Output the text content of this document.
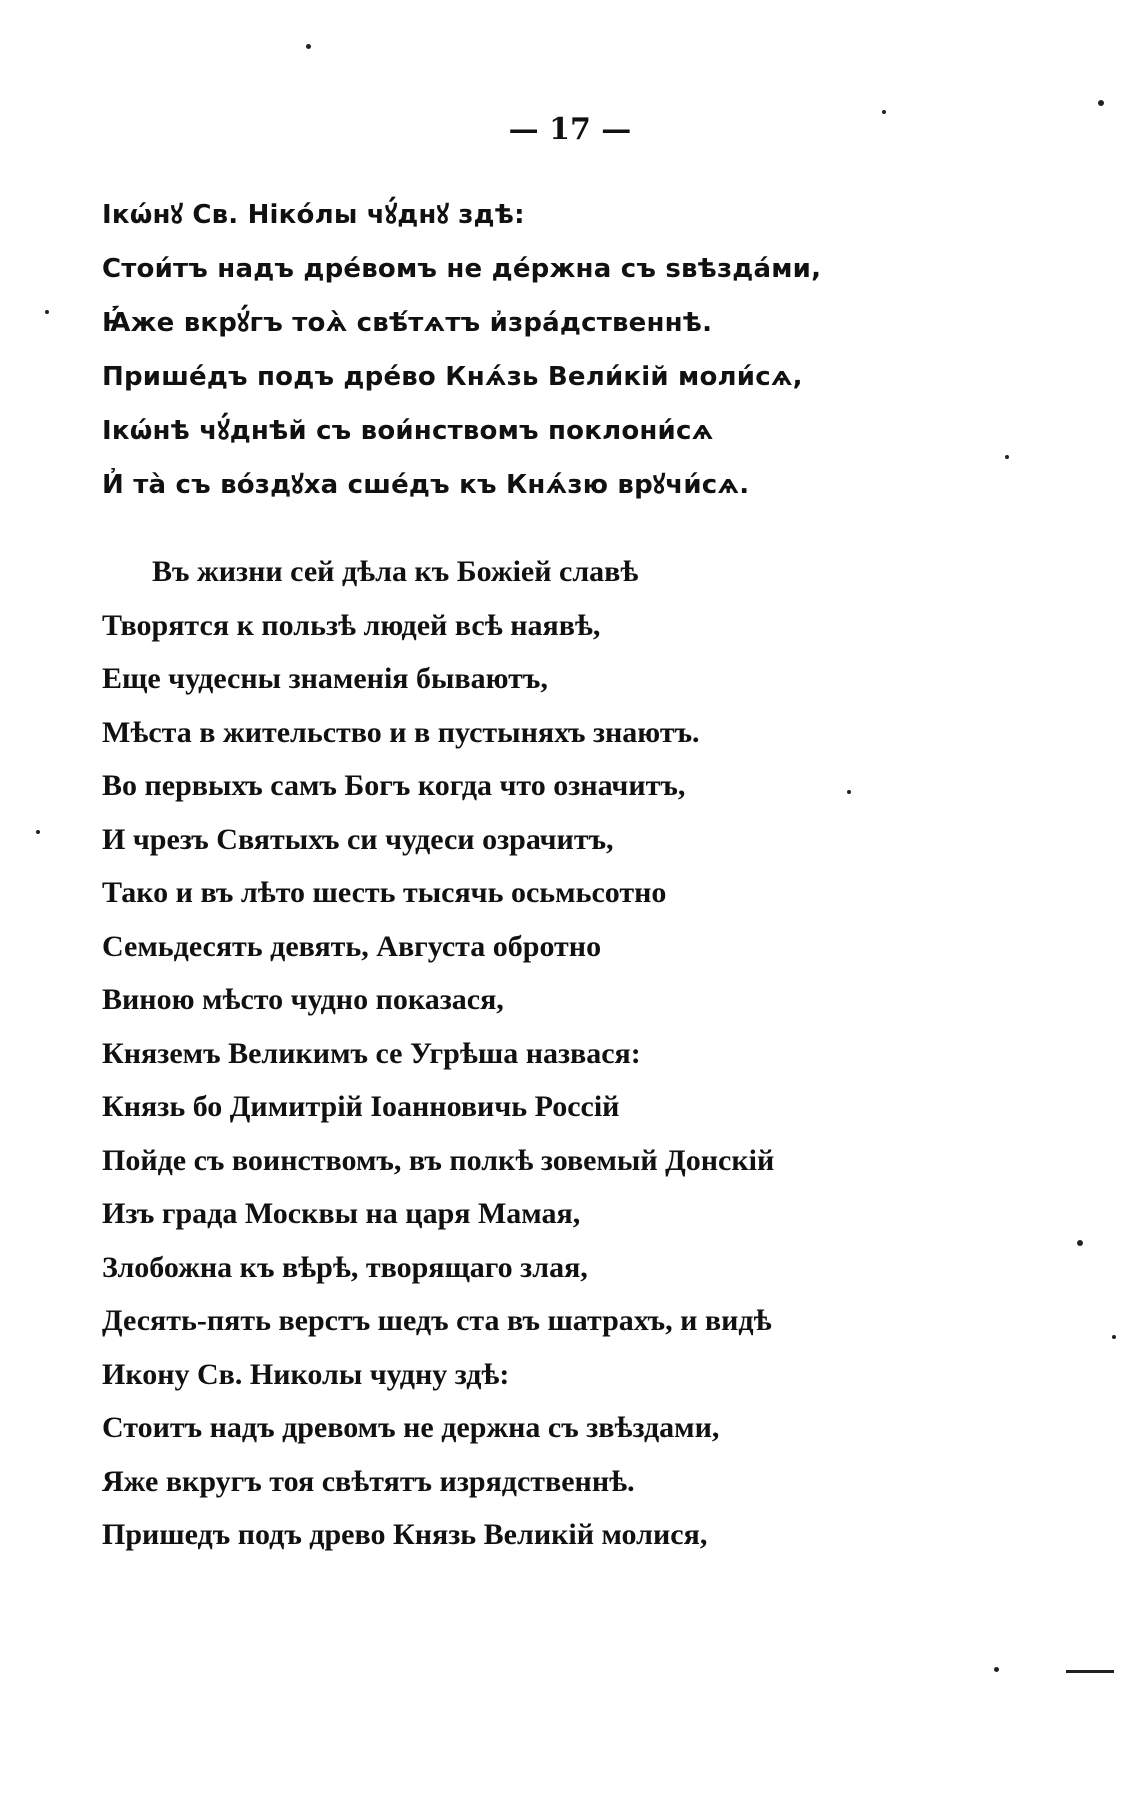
— 17 —
Ікѡ́нꙋ Св. Ніко́лы чꙋ́днꙋ здѣ:
Стои́тъ надъ дре́вомъ не де́ржна съ ѕвѣзда́ми,
Ꙗ҆́же вкрꙋ́гъ тоѧ̀ свѣ́тѧтъ и҆зра́дственнѣ.
Прише́дъ подъ дре́во Кнѧ́зь Вели́кій моли́сѧ,
Ікѡ́нѣ чꙋ́днѣй съ вои́нствомъ поклони́сѧ
И҆ та̀ съ во́здꙋха сше́дъ къ Кнѧ́зю врꙋчи́сѧ.
Въ жизни сей дѣла къ Божіей славѣ
Творятся к пользѣ людей всѣ наявѣ,
Еще чудесны знаменія бываютъ,
Мѣста в жительство и в пустыняхъ знаютъ.
Во первыхъ самъ Богъ когда что означитъ,
И чрезъ Святыхъ си чудеси озрачитъ,
Тако и въ лѣто шесть тысячь осьмьсотно
Семьдесять девять, Августа обротно
Виною мѣсто чудно показася,
Княземъ Великимъ се Угрѣша назвася:
Князь бо Димитрій Іоанновичь Россій
Пойде съ воинствомъ, въ полкѣ зовемый Донскій
Изъ града Москвы на царя Мамая,
Злобожна къ вѣрѣ, творящаго злая,
Десять-пять верстъ шедъ ста въ шатрахъ, и видѣ
Икону Св. Николы чудну здѣ:
Стоитъ надъ древомъ не держна съ звѣздами,
Яже вкругъ тоя свѣтятъ изрядственнѣ.
Пришедъ подъ древо Князь Великій молися,
